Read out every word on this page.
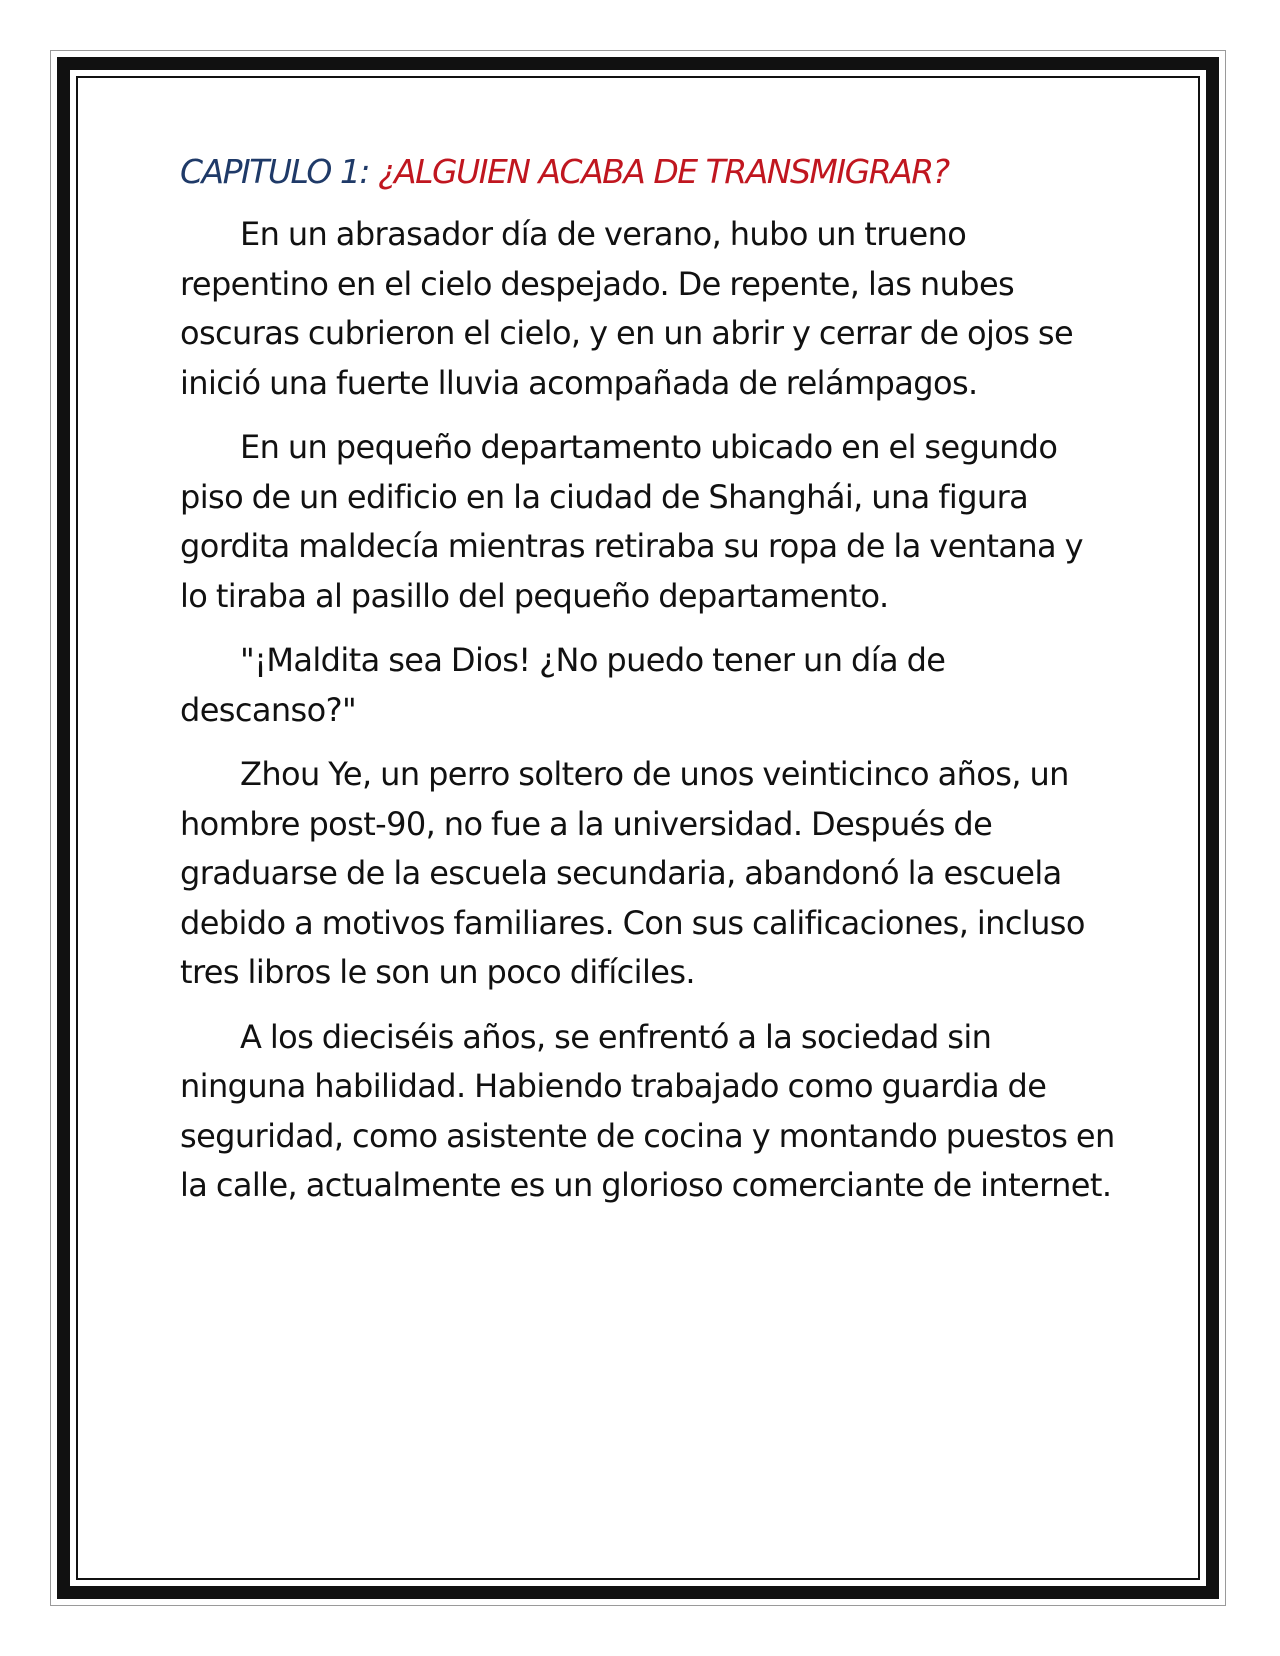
CAPITULO 1: ¿ALGUIEN ACABA DE TRANSMIGRAR?

En un abrasador día de verano, hubo un trueno repentino en el cielo despejado. De repente, las nubes oscuras cubrieron el cielo, y en un abrir y cerrar de ojos se inició una fuerte lluvia acompañada de relámpagos.

En un pequeño departamento ubicado en el segundo piso de un edificio en la ciudad de Shanghái, una figura gordita maldecía mientras retiraba su ropa de la ventana y lo tiraba al pasillo del pequeño departamento.

"¡Maldita sea Dios! ¿No puedo tener un día de descanso?"

Zhou Ye, un perro soltero de unos veinticinco años, un hombre post-90, no fue a la universidad. Después de graduarse de la escuela secundaria, abandonó la escuela debido a motivos familiares. Con sus calificaciones, incluso tres libros le son un poco difíciles.

A los dieciséis años, se enfrentó a la sociedad sin ninguna habilidad. Habiendo trabajado como guardia de seguridad, como asistente de cocina y montando puestos en la calle, actualmente es un glorioso comerciante de internet.
